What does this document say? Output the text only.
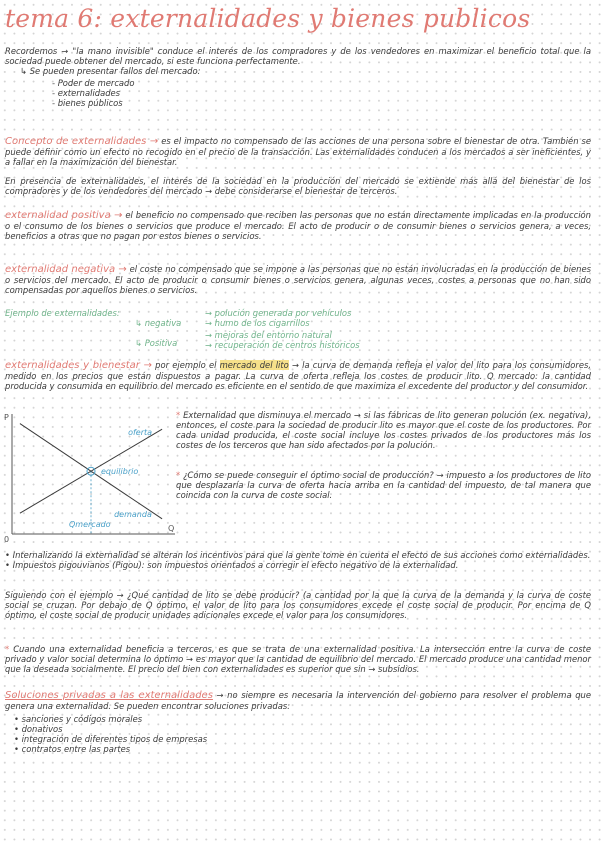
tema 6: externalidades y bienes publicos

Recordemos → "la mano invisible" conduce el interés de los compradores y de los vendedores en maximizar el beneficio total que la sociedad puede obtener del mercado, si este funciona perfectamente.

↳ Se pueden presentar fallos del mercado:
- Poder de mercado
- externalidades
- bienes públicos

Concepto de externalidades → es el impacto no compensado de las acciones de una persona sobre el bienestar de otra. También se puede definir como un efecto no recogido en el precio de la transacción. Las externalidades conducen a los mercados a ser ineficientes, y a fallar en la maximización del bienestar.

En presencia de externalidades, el interés de la sociedad en la producción del mercado se extiende más allá del bienestar de los compradores y de los vendedores del mercado → debe considerarse el bienestar de terceros.

externalidad positiva → el beneficio no compensado que reciben las personas que no están directamente implicadas en la producción o el consumo de los bienes o servicios que produce el mercado. El acto de producir o de consumir bienes o servicios genera, a veces, beneficios a otras que no pagan por estos bienes o servicios.

externalidad negativa → el coste no compensado que se impone a las personas que no están involucradas en la producción de bienes o servicios del mercado. El acto de producir o consumir bienes o servicios genera, algunas veces, costes a personas que no han sido compensadas por aquellos bienes o servicios.

Ejemplo de externalidades:
↳ negativa
↳ Positiva
→ polución generada por vehículos
→ humo de los cigarrillos
→ mejoras del entorno natural
→ recuperación de centros históricos

externalidades y bienestar → por ejemplo el mercado del lito → la curva de demanda refleja el valor del lito para los consumidores, medido en los precios que están dispuestos a pagar. La curva de oferta refleja los costes de producir lito. Q mercado: la cantidad producida y consumida en equilibrio del mercado es eficiente en el sentido de que maximiza el excedente del productor y del consumidor.

P
Q
0
oferta
demanda
equilibrio
Qmercado

* Externalidad que disminuya el mercado → si las fábricas de lito generan polución (ex. negativa), entonces, el coste para la sociedad de producir lito es mayor que el coste de los productores. Por cada unidad producida, el coste social incluye los costes privados de los productores más los costes de los terceros que han sido afectados por la polución.

* ¿Cómo se puede conseguir el óptimo social de producción? → impuesto a los productores de lito que desplazaría la curva de oferta hacia arriba en la cantidad del impuesto, de tal manera que coincida con la curva de coste social.

• Internalizando la externalidad se alteran los incentivos para que la gente tome en cuenta el efecto de sus acciones como externalidades.
• Impuestos pigouvianos (Pigou): son impuestos orientados a corregir el efecto negativo de la externalidad.

Siguiendo con el ejemplo → ¿Qué cantidad de lito se debe producir? (a cantidad por la que la curva de la demanda y la curva de coste social se cruzan. Por debajo de Q óptimo, el valor de lito para los consumidores excede el coste social de producir. Por encima de Q óptimo, el coste social de producir unidades adicionales excede el valor para los consumidores.

* Cuando una externalidad beneficia a terceros, es que se trata de una externalidad positiva. La intersección entre la curva de coste privado y valor social determina lo óptimo → es mayor que la cantidad de equilibrio del mercado. El mercado produce una cantidad menor que la deseada socialmente. El precio del bien con externalidades es superior que sin → subsidios.

Soluciones privadas a las externalidades → no siempre es necesaria la intervención del gobierno para resolver el problema que genera una externalidad. Se pueden encontrar soluciones privadas:

• sanciones y códigos morales
• donativos
• integración de diferentes tipos de empresas
• contratos entre las partes
